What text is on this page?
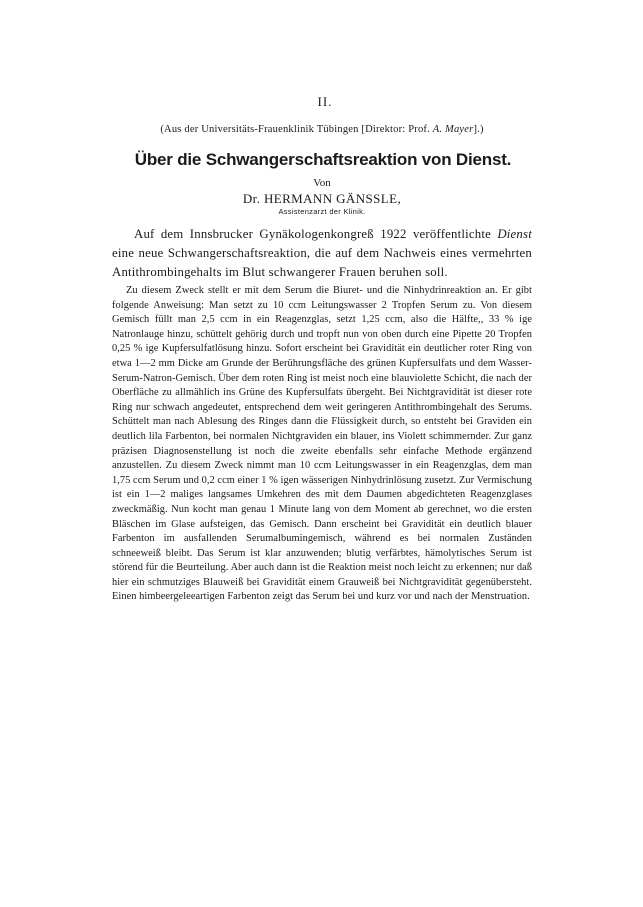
II.
(Aus der Universitäts-Frauenklinik Tübingen [Direktor: Prof. A. Mayer].)
Über die Schwangerschaftsreaktion von Dienst.
Von
Dr. HERMANN GÄNSSLE,
Assistenzarzt der Klinik.

Auf dem Innsbrucker Gynäkologenkongreß 1922 veröffentlichte Dienst eine neue Schwangerschaftsreaktion, die auf dem Nachweis eines vermehrten Antithrombingehalts im Blut schwangerer Frauen beruhen soll.

Zu diesem Zweck stellt er mit dem Serum die Biuret- und die Ninhydrinreaktion an. Er gibt folgende Anweisung: Man setzt zu 10 ccm Leitungswasser 2 Tropfen Serum zu. Von diesem Gemisch füllt man 2,5 ccm in ein Reagenzglas, setzt 1,25 ccm, also die Hälfte,, 33 % ige Natronlauge hinzu, schüttelt gehörig durch und tropft nun von oben durch eine Pipette 20 Tropfen 0,25 % ige Kupfersulfatlösung hinzu. Sofort erscheint bei Gravidität ein deutlicher roter Ring von etwa 1—2 mm Dicke am Grunde der Berührungsfläche des grünen Kupfersulfats und dem Wasser-Serum-Natron-Gemisch. Über dem roten Ring ist meist noch eine blauviolette Schicht, die nach der Oberfläche zu allmählich ins Grüne des Kupfersulfats übergeht. Bei Nichtgravidität ist dieser rote Ring nur schwach angedeutet, entsprechend dem weit geringeren Antithrombingehalt des Serums. Schüttelt man nach Ablesung des Ringes dann die Flüssigkeit durch, so entsteht bei Graviden ein deutlich lila Farbenton, bei normalen Nichtgraviden ein blauer, ins Violett schimmernder. Zur ganz präzisen Diagnosenstellung ist noch die zweite ebenfalls sehr einfache Methode ergänzend anzustellen. Zu diesem Zweck nimmt man 10 ccm Leitungswasser in ein Reagenzglas, dem man 1,75 ccm Serum und 0,2 ccm einer 1 % igen wässerigen Ninhydrinlösung zusetzt. Zur Vermischung ist ein 1—2 maliges langsames Umkehren des mit dem Daumen abgedichteten Reagenzglases zweckmäßig. Nun kocht man genau 1 Minute lang von dem Moment ab gerechnet, wo die ersten Bläschen im Glase aufsteigen, das Gemisch. Dann erscheint bei Gravidität ein deutlich blauer Farbenton im ausfallenden Serumalbumingemisch, während es bei normalen Zuständen schneeweiß bleibt. Das Serum ist klar anzuwenden; blutig verfärbtes, hämolytisches Serum ist störend für die Beurteilung. Aber auch dann ist die Reaktion meist noch leicht zu erkennen; nur daß hier ein schmutziges Blauweiß bei Gravidität einem Grauweiß bei Nichtgravidität gegenübersteht. Einen himbeergeleeartigen Farbenton zeigt das Serum bei und kurz vor und nach der Menstruation.
